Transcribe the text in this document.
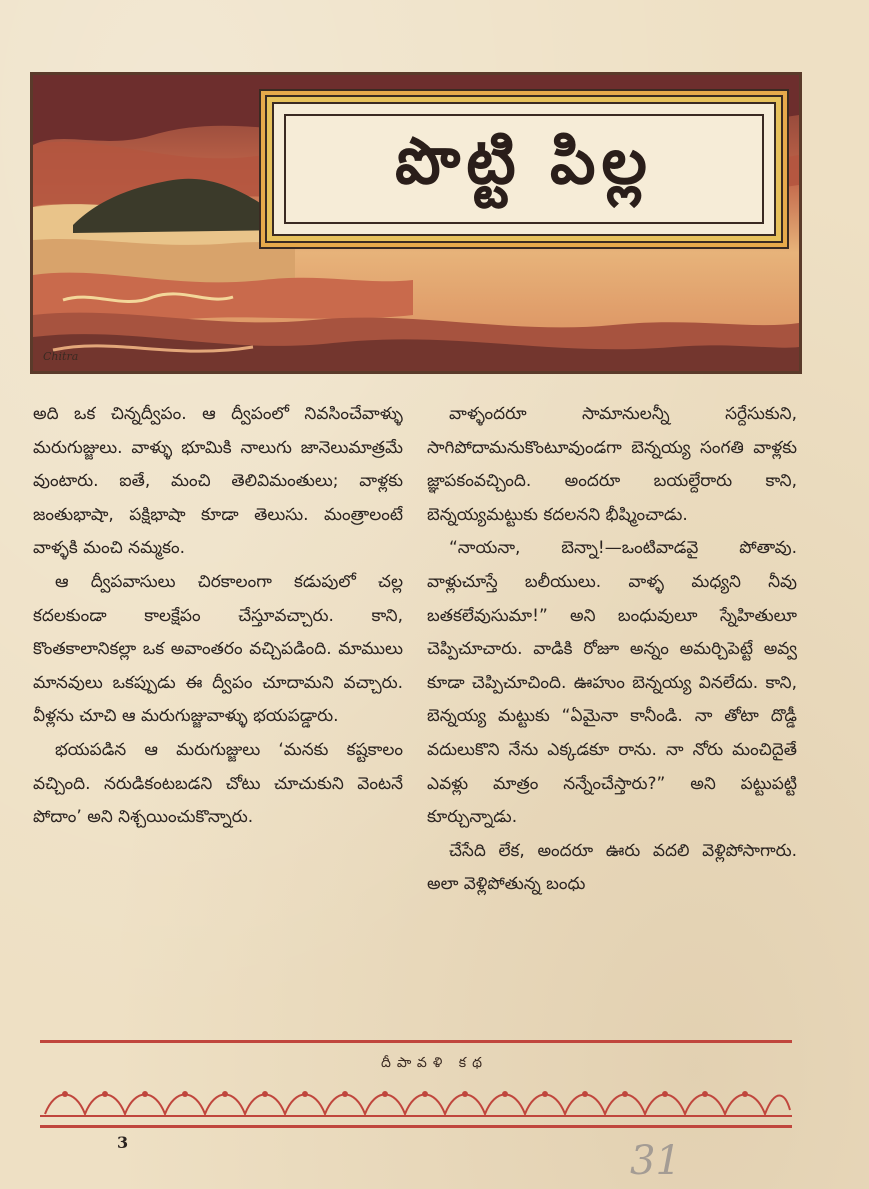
Chitra
పొట్టి పిల్ల

అది ఒక చిన్నద్వీపం. ఆ ద్వీపంలో నివసించేవాళ్ళు మరుగుజ్జులు. వాళ్ళు భూమికి నాలుగు జానెలుమాత్రమే వుంటారు. ఐతే, మంచి తెలివిమంతులు; వాళ్లకు జంతుభాషా, పక్షిభాషా కూడా తెలుసు. మంత్రాలంటే వాళ్ళకి మంచి నమ్మకం.

ఆ ద్వీపవాసులు చిరకాలంగా కడుపులో చల్ల కదలకుండా కాలక్షేపం చేస్తూవచ్చారు. కాని, కొంతకాలానికల్లా ఒక అవాంతరం వచ్చిపడింది. మాములు మానవులు ఒకప్పుడు ఈ ద్వీపం చూదామని వచ్చారు. వీళ్లను చూచి ఆ మరుగుజ్జువాళ్ళు భయపడ్డారు.

భయపడిన ఆ మరుగుజ్జులు ‘మనకు కష్టకాలం వచ్చింది. నరుడికంటబడని చోటు చూచుకుని వెంటనే పోదాం’ అని నిశ్చయించుకొన్నారు.

వాళ్ళందరూ సామానులన్నీ సర్దేసుకుని, సాగిపోదామనుకొంటూవుండగా బెన్నయ్య సంగతి వాళ్లకు జ్ఞాపకంవచ్చింది. అందరూ బయల్దేరారు కాని, బెన్నయ్యమట్టుకు కదలనని భీష్మించాడు.

“నాయనా, బెన్నా!—ఒంటివాడవై పోతావు. వాళ్లుచూస్తే బలీయులు. వాళ్ళ మధ్యని నీవు బతకలేవుసుమా!” అని బంధువులూ స్నేహితులూ చెప్పిచూచారు. వాడికి రోజూ అన్నం అమర్చిపెట్టే అవ్వ కూడా చెప్పిచూచింది. ఊహుం బెన్నయ్య వినలేదు. కాని, బెన్నయ్య మట్టుకు “ఏమైనా కానీండి. నా తోటా దొడ్డీ వదులుకొని నేను ఎక్కడకూ రాను. నా నోరు మంచిదైతే ఎవళ్లు మాత్రం నన్నేంచేస్తారు?” అని పట్టుపట్టి కూర్చున్నాడు.

చేసేది లేక, అందరూ ఊరు వదలి వెళ్లిపోసాగారు. అలా వెళ్లిపోతున్న బంధు

దీపావళి కథ
3	31
